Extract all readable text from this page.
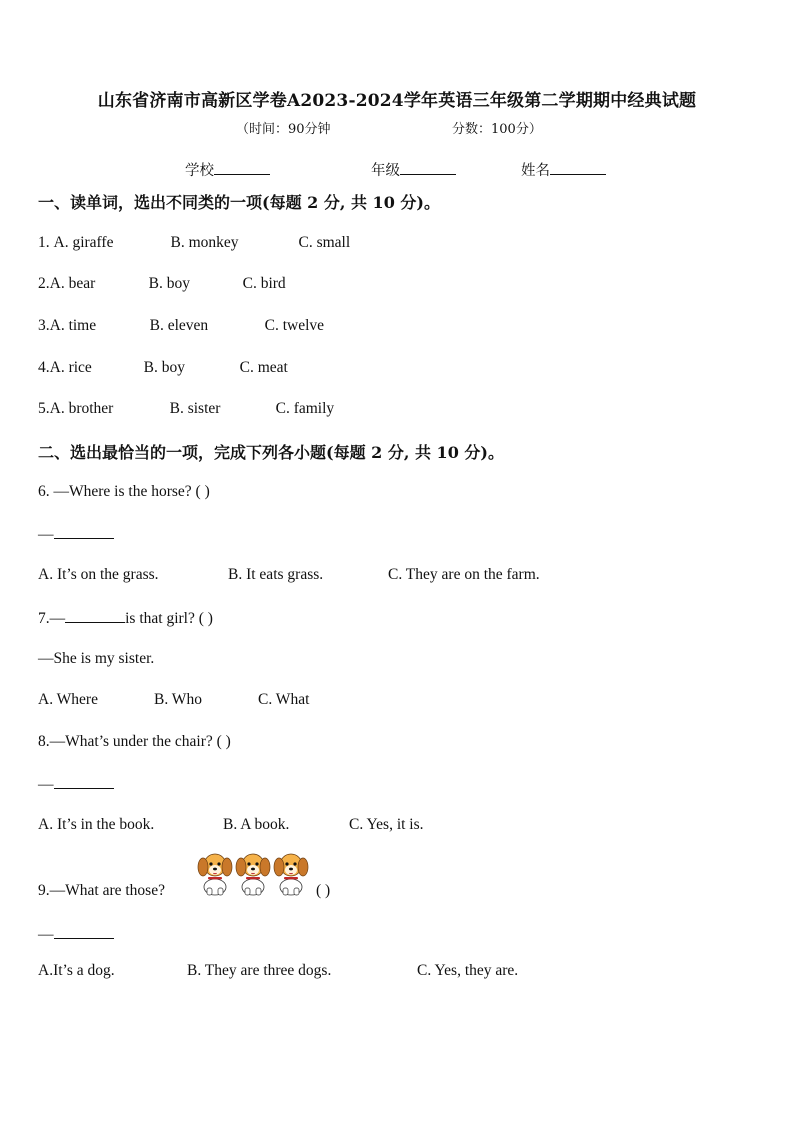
山东省济南市高新区学卷A2023-2024学年英语三年级第二学期期中经典试题
（时间：90分钟	分数：100分）
学校	年级	姓名
一、读单词，选出不同类的一项(每题 2 分, 共 10 分)。
1. A. giraffe	B. monkey	C. small
2.A. bear	B. boy	C. bird
3.A. time	B. eleven	C. twelve
4.A. rice	B. boy	C. meat
5.A. brother	B. sister	C. family
二、选出最恰当的一项，完成下列各小题(每题 2 分, 共 10 分)。
6. —Where is the horse? ( )
—
A. It’s on the grass.	B. It eats grass.	C. They are on the farm.
7.—	is that girl? ( )
—She is my sister.
A. Where	B. Who	C. What
8.—What’s under the chair? ( )
—
A. It’s in the book.	B. A book.	C. Yes, it is.
9.—What are those?	( )
—
A.It’s a dog.	B. They are three dogs.	C. Yes, they are.
